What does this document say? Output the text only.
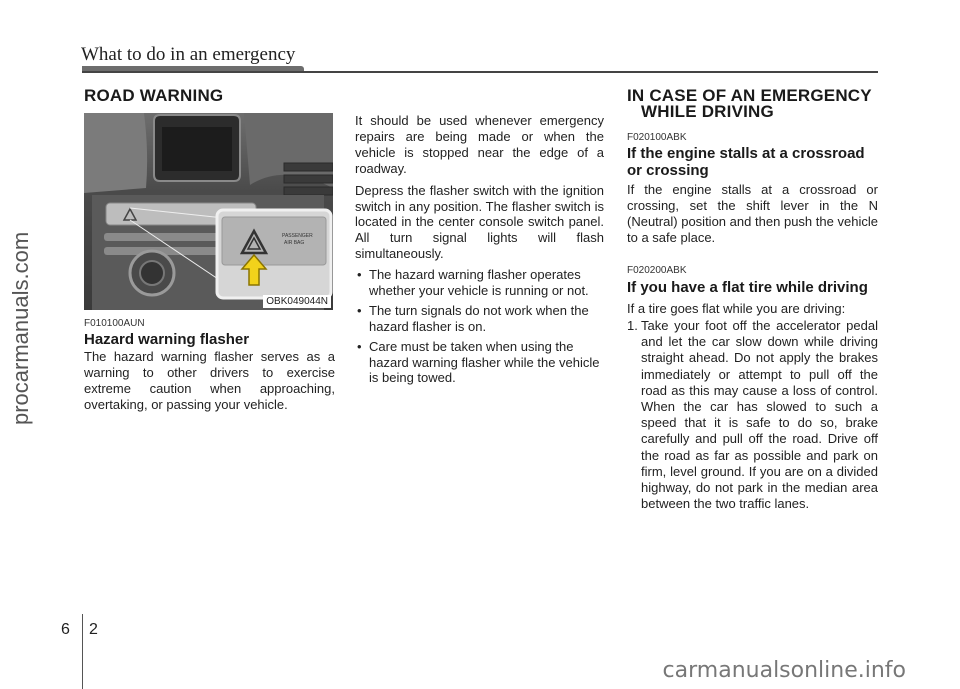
What to do in an emergency
ROAD WARNING
PASSENGER
AIR BAG
OBK049044N
F010100AUN
Hazard warning flasher
The hazard warning flasher serves as a warning to other drivers to exercise extreme caution when approaching, overtaking, or passing your vehicle.

It should be used whenever emergency repairs are being made or when the vehicle is stopped near the edge of a roadway.

Depress the flasher switch with the ignition switch in any position. The flasher switch is located in the center console switch panel. All turn signal lights will flash simultaneously.

• The hazard warning flasher operates whether your vehicle is running or not.
• The turn signals do not work when the hazard flasher is on.
• Care must be taken when using the hazard warning flasher while the vehicle is being towed.
IN CASE OF AN EMERGENCY
WHILE DRIVING
F020100ABK
If the engine stalls at a crossroad
or crossing
If the engine stalls at a crossroad or crossing, set the shift lever in the N (Neutral) position and then push the vehicle to a safe place.
F020200ABK
If you have a flat tire while driving
If a tire goes flat while you are driving:
1. Take your foot off the accelerator pedal and let the car slow down while driving straight ahead. Do not apply the brakes immediately or attempt to pull off the road as this may cause a loss of control. When the car has slowed to such a speed that it is safe to do so, brake carefully and pull off the road. Drive off the road as far as possible and park on firm, level ground. If you are on a divided highway, do not park in the median area between the two traffic lanes.
6 2
procarmanuals.com
carmanualsonline.info
